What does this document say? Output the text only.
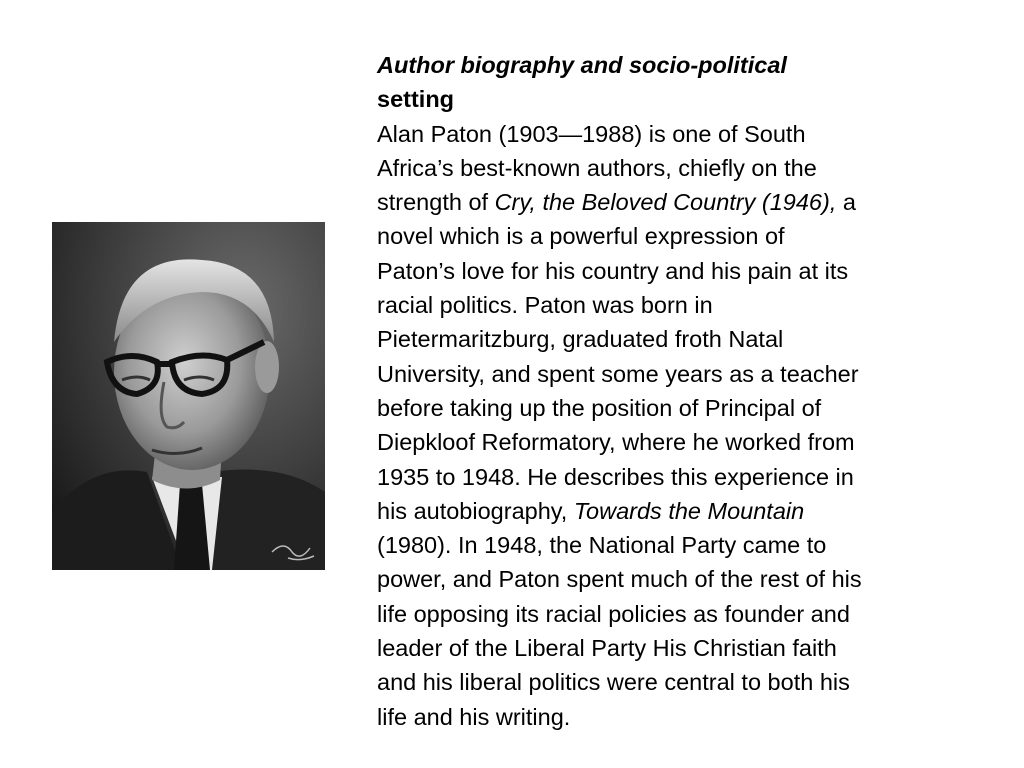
Author biography and socio-political
setting
Alan Paton (1903—1988) is one of South
Africa’s best-known authors, chiefly on the
strength of Cry, the Beloved Country (1946), a
novel which is a powerful expression of
Paton’s love for his country and his pain at its
racial politics. Paton was born in
Pietermaritzburg, graduated froth Natal
University, and spent some years as a teacher
before taking up the position of Principal of
Diepkloof Reformatory, where he worked from
1935 to 1948. He describes this experience in
his autobiography, Towards the Mountain
(1980). In 1948, the National Party came to
power, and Paton spent much of the rest of his
life opposing its racial policies as founder and
leader of the Liberal Party His Christian faith
and his liberal politics were central to both his
life and his writing.
